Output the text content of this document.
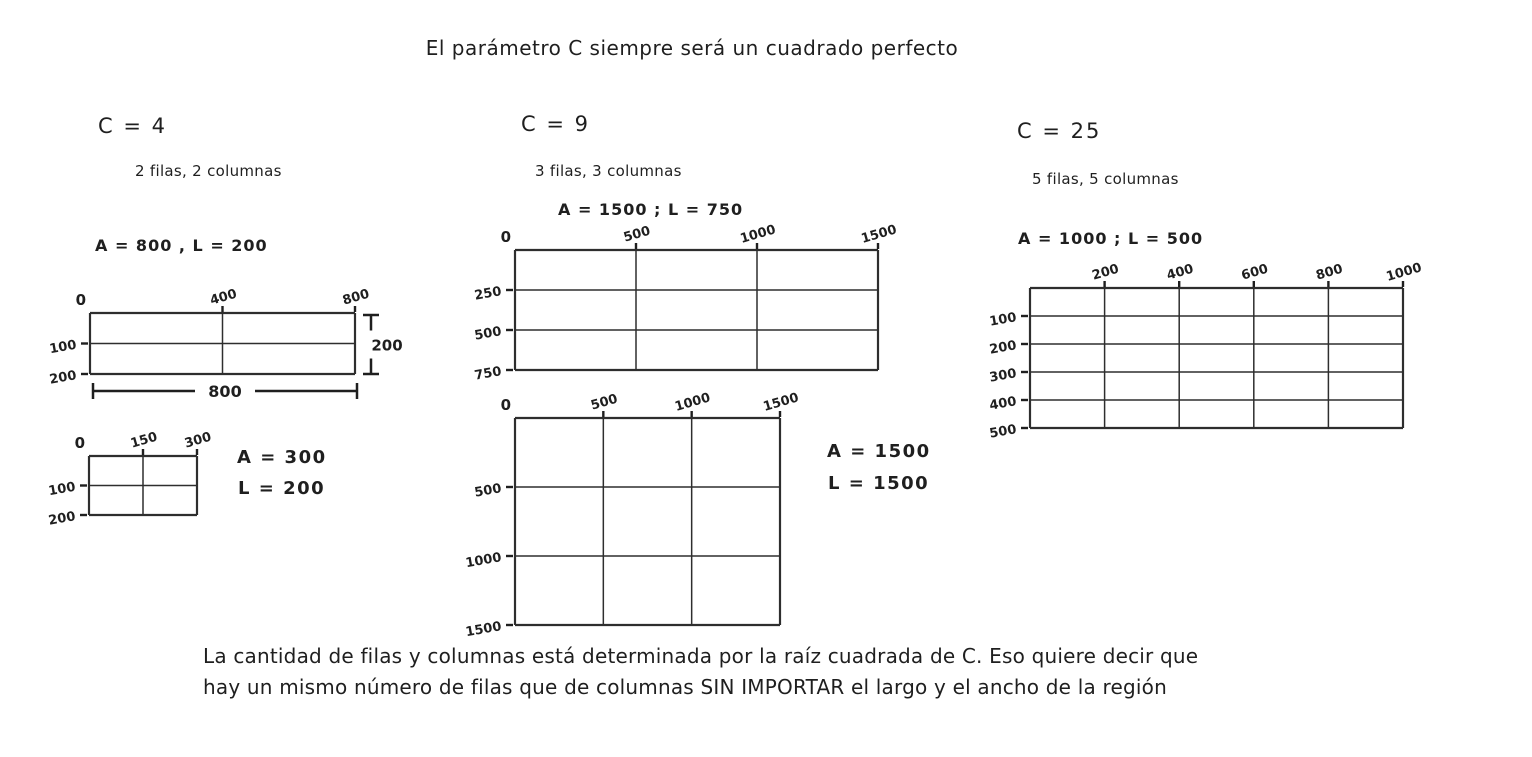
El parámetro C siempre será un cuadrado perfecto
C = 4
2 filas, 2 columnas
A = 800 , L = 200
C = 9
3 filas, 3 columnas
A = 1500 ; L = 750
C = 25
5 filas, 5 columnas
A = 1000 ; L = 500
A = 300
L = 200
A = 1500
L = 1500
0	400	800
100
200
800
200
0	150 300
100
200
0	500	1000	1500
250
500
750
0	500	1000	1500
500
1000
1500
200	400	600	800	1000
100
200
300
400
500
La cantidad de filas y columnas está determinada por la raíz cuadrada de C. Eso quiere decir que
hay un mismo número de filas que de columnas SIN IMPORTAR el largo y el ancho de la región
